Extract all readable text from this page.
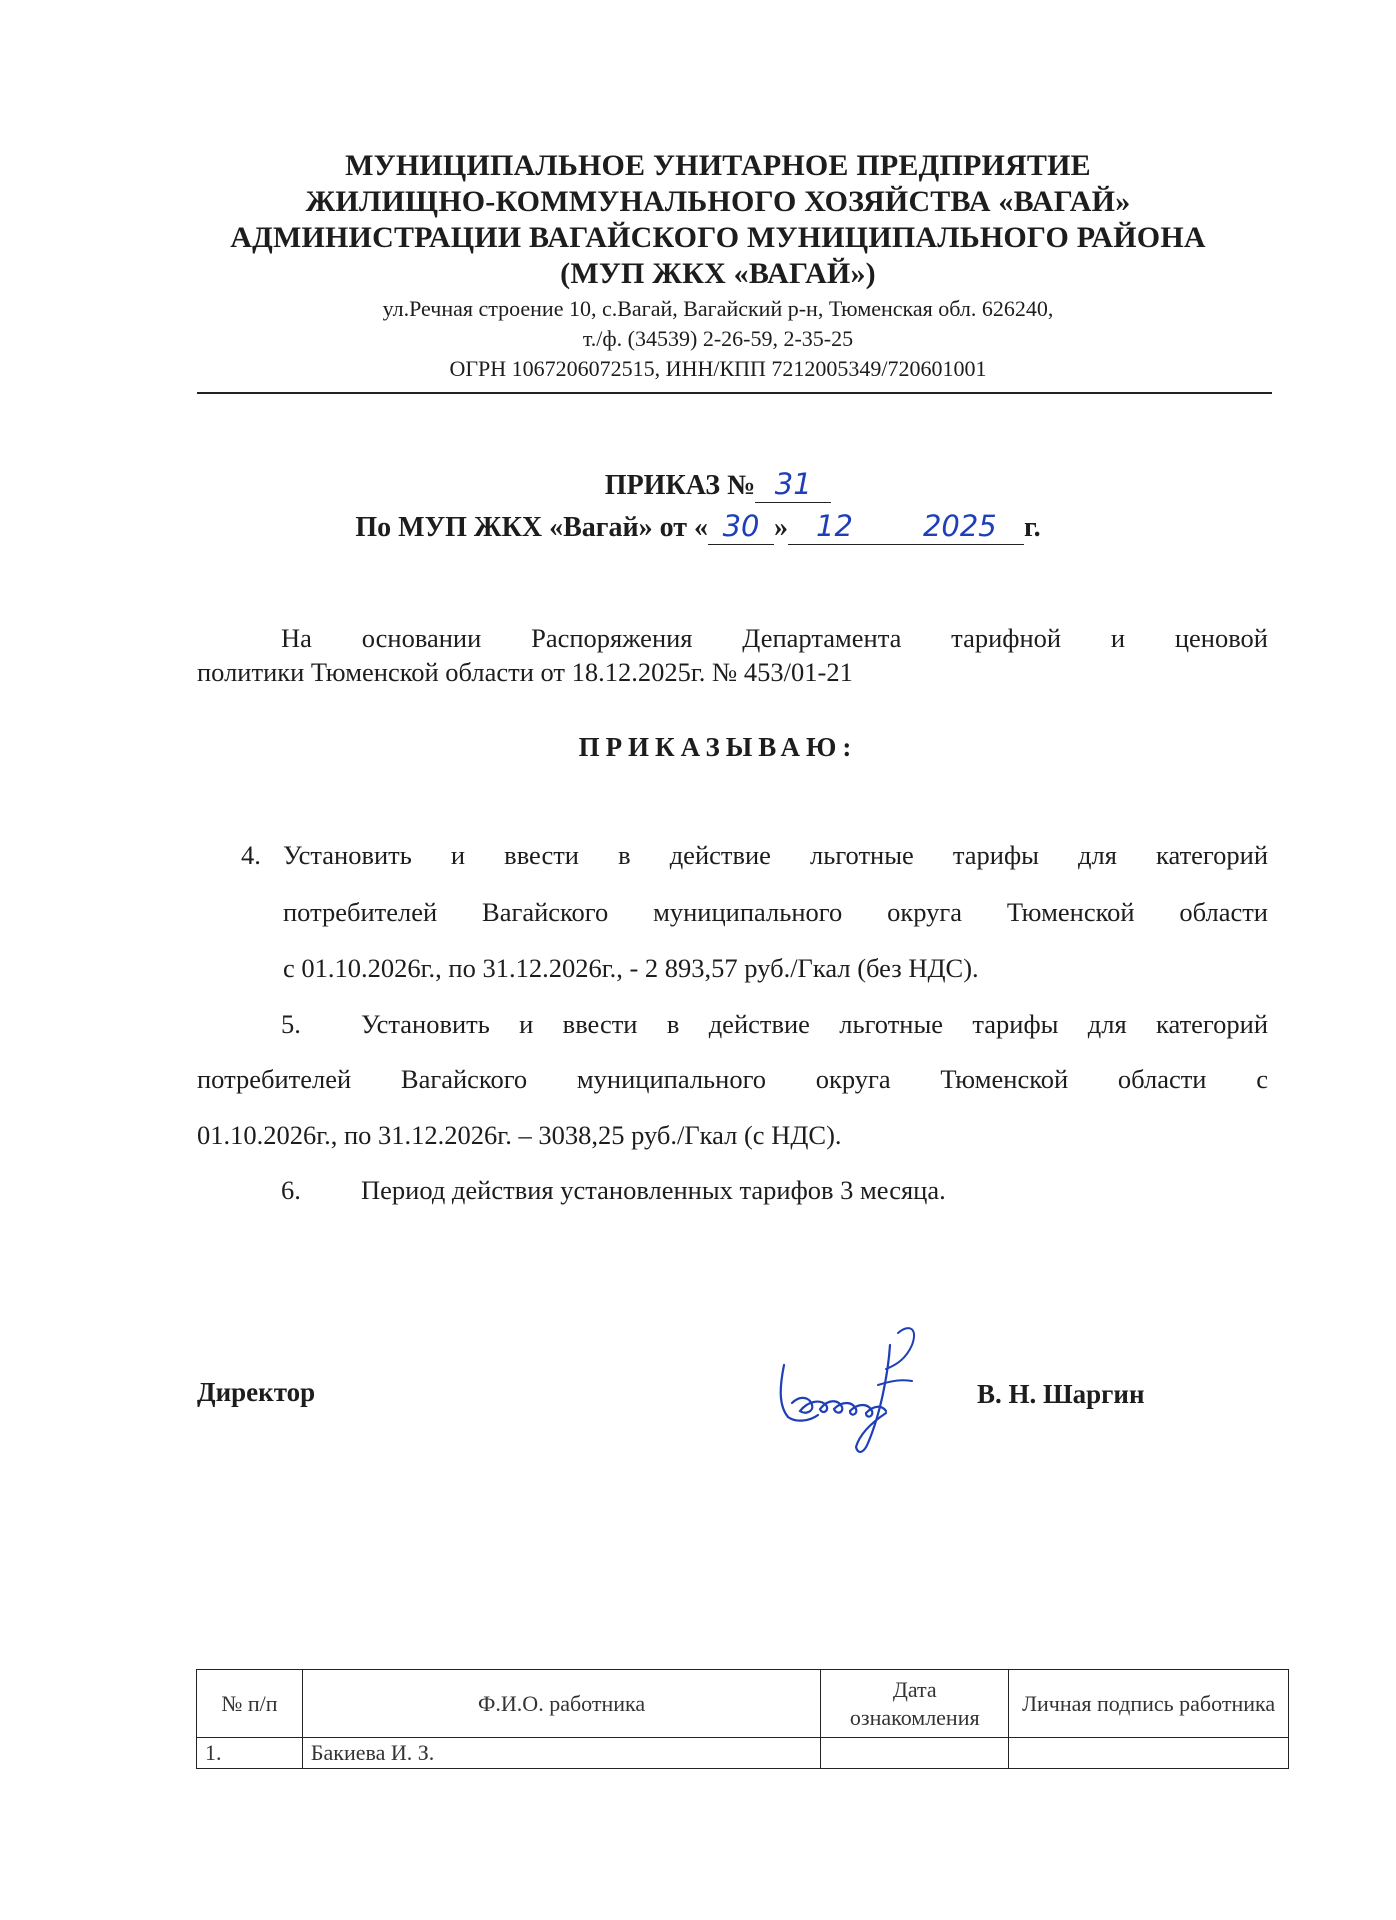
МУНИЦИПАЛЬНОЕ УНИТАРНОЕ ПРЕДПРИЯТИЕ
ЖИЛИЩНО-КОММУНАЛЬНОГО ХОЗЯЙСТВА «ВАГАЙ»
АДМИНИСТРАЦИИ ВАГАЙСКОГО МУНИЦИПАЛЬНОГО РАЙОНА
(МУП ЖКХ «ВАГАЙ»)
ул.Речная строение 10, с.Вагай, Вагайский р-н, Тюменская обл. 626240,
т./ф. (34539) 2-26-59, 2-35-25
ОГРН 1067206072515, ИНН/КПП 7212005349/720601001
ПРИКАЗ № 31
По МУП ЖКХ «Вагай» от « 30 » 12 2025 г.
На основании Распоряжения Департамента тарифной и ценовой
политики Тюменской области от 18.12.2025г. № 453/01-21
ПРИКАЗЫВАЮ:
4. Установить и ввести в действие льготные тарифы для категорий
потребителей Вагайского муниципального округа Тюменской области
с 01.10.2026г., по 31.12.2026г., - 2 893,57 руб./Гкал (без НДС).
5. Установить и ввести в действие льготные тарифы для категорий
потребителей Вагайского муниципального округа Тюменской области с
01.10.2026г., по 31.12.2026г. – 3038,25 руб./Гкал (с НДС).
6. Период действия установленных тарифов 3 месяца.
Директор	В. Н. Шаргин
№ п/п	Ф.И.О. работника	Дата ознакомления	Личная подпись работника
1.	Бакиева И. З.		
